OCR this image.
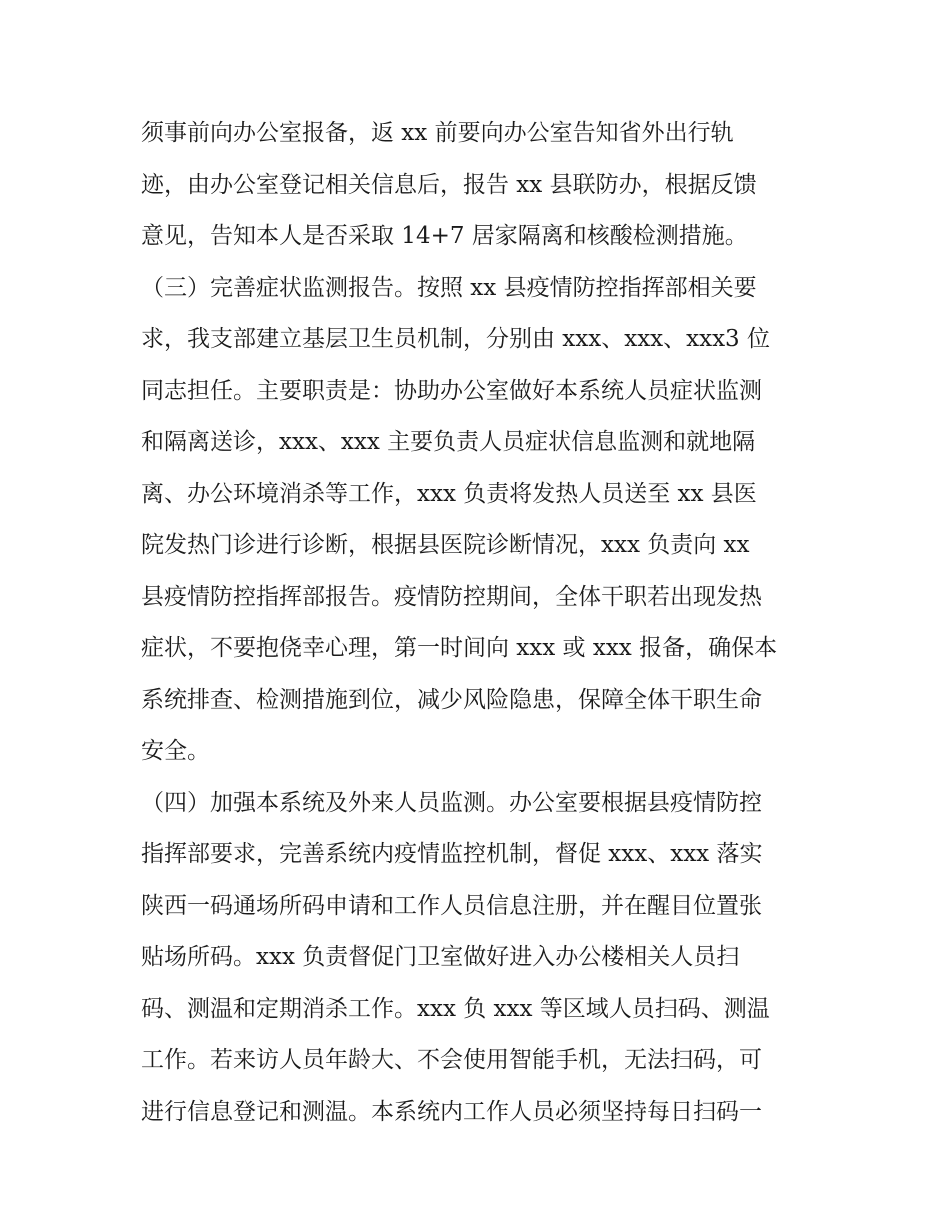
须事前向办公室报备，返 xx 前要向办公室告知省外出行轨
迹，由办公室登记相关信息后，报告 xx 县联防办，根据反馈
意见，告知本人是否采取 14+7 居家隔离和核酸检测措施。
（三）完善症状监测报告。按照 xx 县疫情防控指挥部相关要
求，我支部建立基层卫生员机制，分别由 xxx、xxx、xxx3 位
同志担任。主要职责是：协助办公室做好本系统人员症状监测
和隔离送诊，xxx、xxx 主要负责人员症状信息监测和就地隔
离、办公环境消杀等工作，xxx 负责将发热人员送至 xx 县医
院发热门诊进行诊断，根据县医院诊断情况，xxx 负责向 xx
县疫情防控指挥部报告。疫情防控期间，全体干职若出现发热
症状，不要抱侥幸心理，第一时间向 xxx 或 xxx 报备，确保本
系统排查、检测措施到位，减少风险隐患，保障全体干职生命
安全。
（四）加强本系统及外来人员监测。办公室要根据县疫情防控
指挥部要求，完善系统内疫情监控机制，督促 xxx、xxx 落实
陕西一码通场所码申请和工作人员信息注册，并在醒目位置张
贴场所码。xxx 负责督促门卫室做好进入办公楼相关人员扫
码、测温和定期消杀工作。xxx 负 xxx 等区域人员扫码、测温
工作。若来访人员年龄大、不会使用智能手机，无法扫码，可
进行信息登记和测温。本系统内工作人员必须坚持每日扫码一
